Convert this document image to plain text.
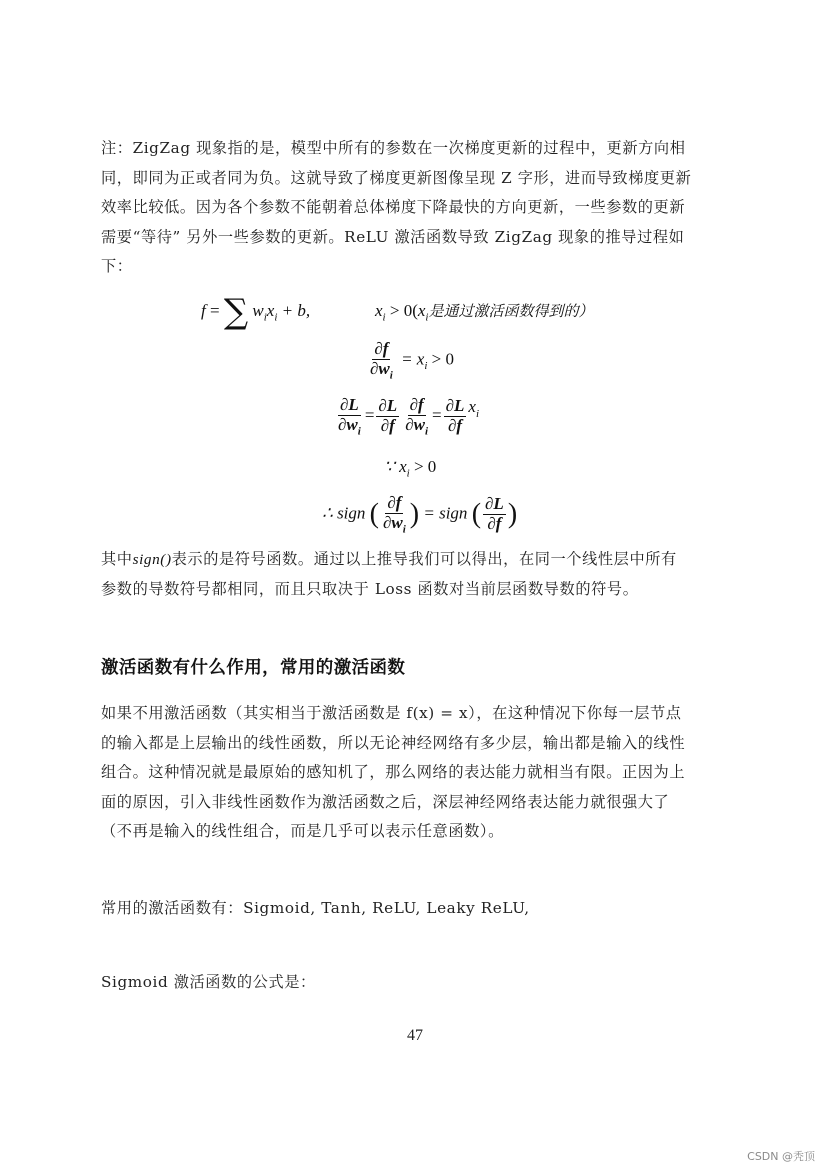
注：ZigZag 现象指的是，模型中所有的参数在一次梯度更新的过程中，更新方向相
同，即同为正或者同为负。这就导致了梯度更新图像呈现 Z 字形，进而导致梯度更新
效率比较低。因为各个参数不能朝着总体梯度下降最快的方向更新，一些参数的更新
需要“等待” 另外一些参数的更新。ReLU 激活函数导致 ZigZag 现象的推导过程如
下：
f = ∑ $w_ix_i + b$,	$x_i > 0(x_i$是通过激活函数得到的）
$\frac{\partial f}{\partial w_i} = x_i > 0$
$\frac{\partial L}{\partial w_i} = \frac{\partial L}{\partial f} \frac{\partial f}{\partial w_i} = \frac{\partial L}{\partial f} x_i$
∵ $x_i > 0$
∴ sign ( $\frac{\partial f}{\partial w_i}$ ) = sign ( $\frac{\partial L}{\partial f}$ )
其中sign()表示的是符号函数。通过以上推导我们可以得出，在同一个线性层中所有
参数的导数符号都相同，而且只取决于 Loss 函数对当前层函数导数的符号。
激活函数有什么作用，常用的激活函数
如果不用激活函数（其实相当于激活函数是 f(x) = x），在这种情况下你每一层节点
的输入都是上层输出的线性函数，所以无论神经网络有多少层，输出都是输入的线性
组合。这种情况就是最原始的感知机了，那么网络的表达能力就相当有限。正因为上
面的原因，引入非线性函数作为激活函数之后，深层神经网络表达能力就很强大了
（不再是输入的线性组合，而是几乎可以表示任意函数）。
常用的激活函数有：Sigmoid, Tanh, ReLU, Leaky ReLU,
Sigmoid 激活函数的公式是：
47
CSDN @秃顶
